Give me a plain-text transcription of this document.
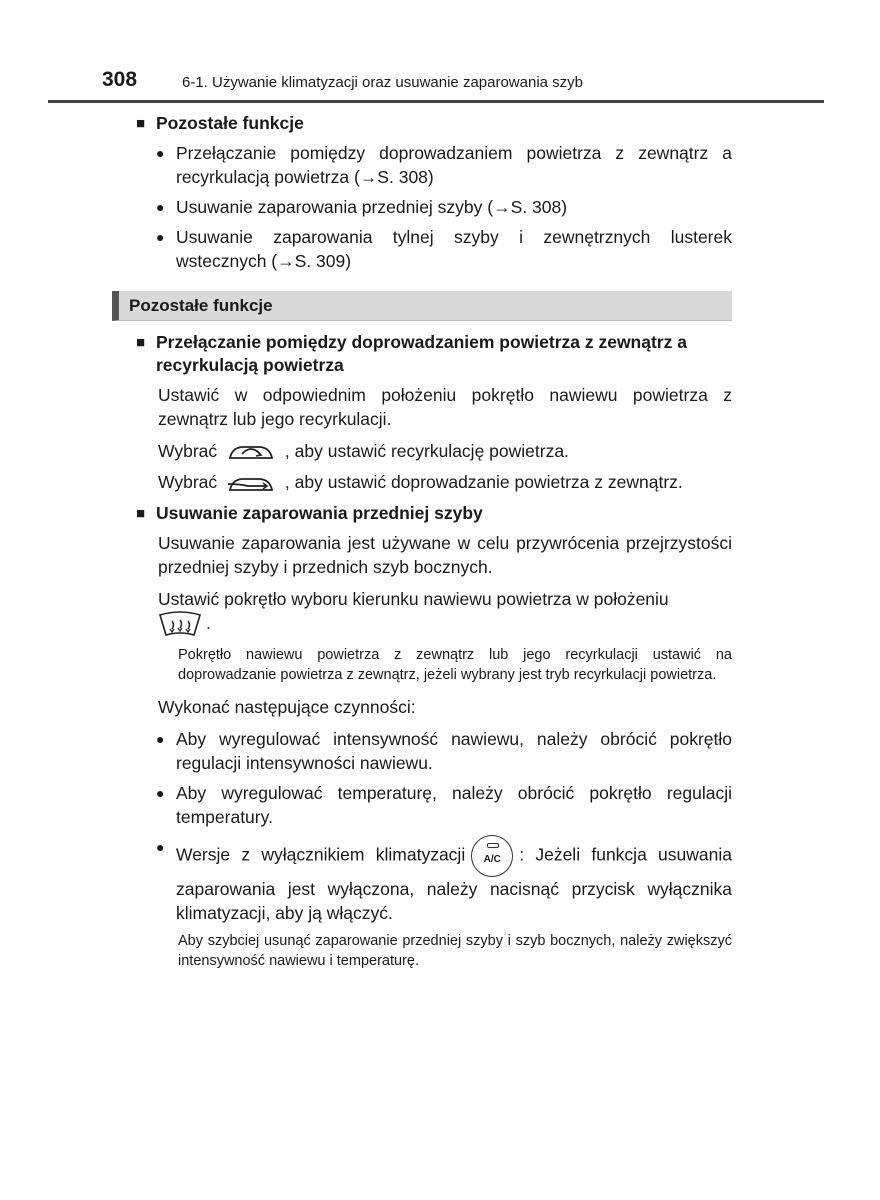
308	6-1. Używanie klimatyzacji oraz usuwanie zaparowania szyb
■ Pozostałe funkcje
● Przełączanie pomiędzy doprowadzaniem powietrza z zewnątrz a recyrkulacją powietrza (→S. 308)
● Usuwanie zaparowania przedniej szyby (→S. 308)
● Usuwanie zaparowania tylnej szyby i zewnętrznych lusterek wstecznych (→S. 309)
Pozostałe funkcje
■ Przełączanie pomiędzy doprowadzaniem powietrza z zewnątrz a recyrkulacją powietrza
Ustawić w odpowiednim położeniu pokrętło nawiewu powietrza z zewnątrz lub jego recyrkulacji.
Wybrać	, aby ustawić recyrkulację powietrza.
Wybrać	, aby ustawić doprowadzanie powietrza z zewnątrz.
■ Usuwanie zaparowania przedniej szyby
Usuwanie zaparowania jest używane w celu przywrócenia przejrzystości przedniej szyby i przednich szyb bocznych.
Ustawić pokrętło wyboru kierunku nawiewu powietrza w położeniu
.
Pokrętło nawiewu powietrza z zewnątrz lub jego recyrkulacji ustawić na doprowadzanie powietrza z zewnątrz, jeżeli wybrany jest tryb recyrkulacji powietrza.
Wykonać następujące czynności:
● Aby wyregulować intensywność nawiewu, należy obrócić pokrętło regulacji intensywności nawiewu.
● Aby wyregulować temperaturę, należy obrócić pokrętło regulacji temperatury.
● Wersje z wyłącznikiem klimatyzacji A/C : Jeżeli funkcja usuwania zaparowania jest wyłączona, należy nacisnąć przycisk wyłącznika klimatyzacji, aby ją włączyć.
Aby szybciej usunąć zaparowanie przedniej szyby i szyb bocznych, należy zwiększyć intensywność nawiewu i temperaturę.
